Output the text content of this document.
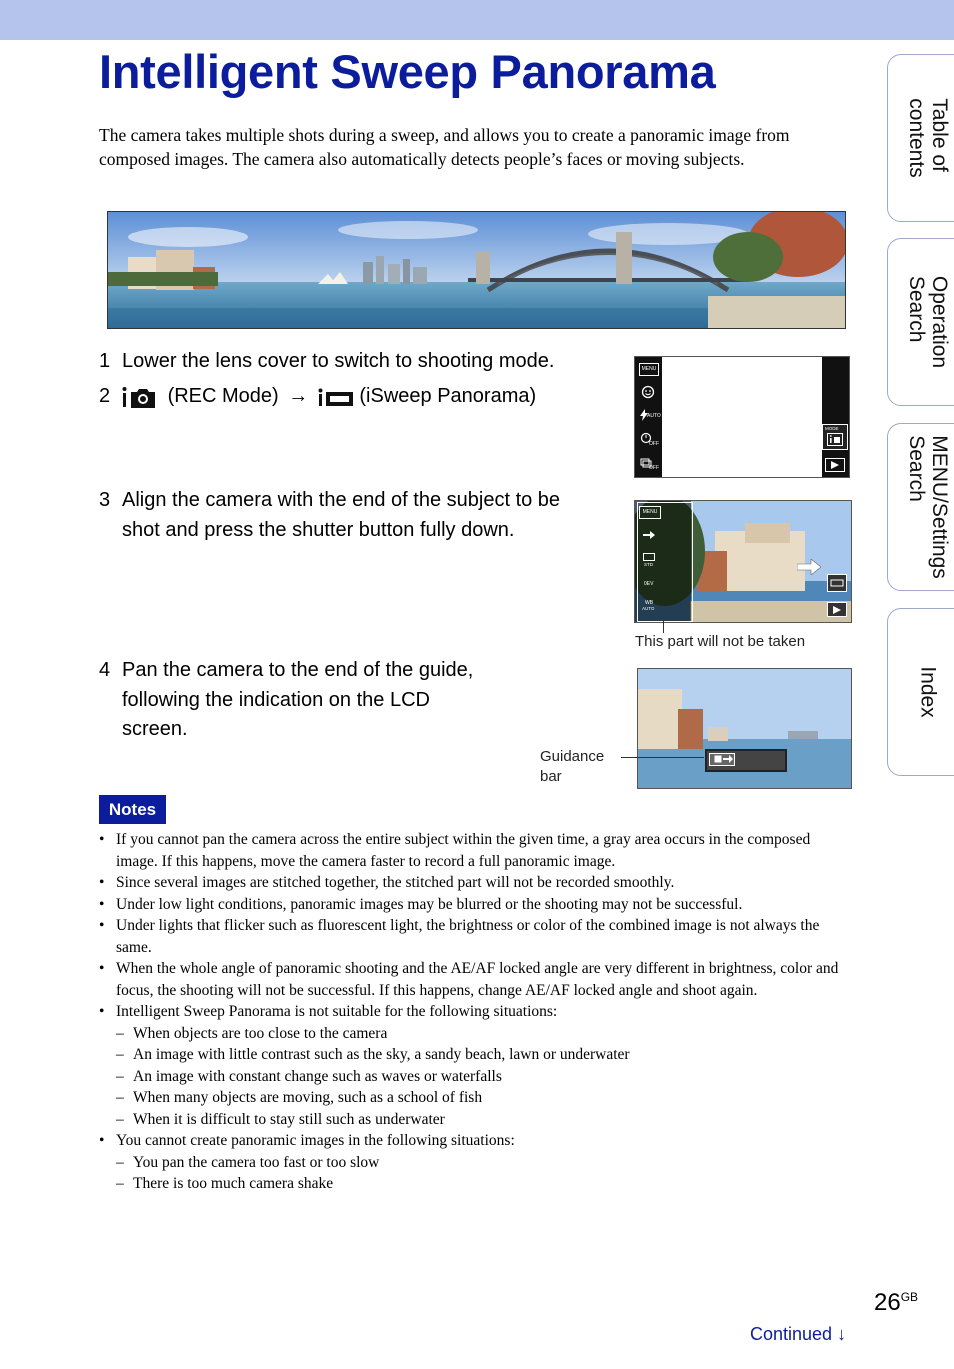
Intelligent Sweep Panorama

The camera takes multiple shots during a sweep, and allows you to create a panoramic image from composed images. The camera also automatically detects people’s faces or moving subjects.

1 Lower the lens cover to switch to shooting mode.
2	(REC Mode) →	(iSweep Panorama)
3 Align the camera with the end of the subject to be
shot and press the shutter button fully down.
4 Pan the camera to the end of the guide,
following the indication on the LCD
screen.
MENU
AUTO
OFF
OFF
MODE
MENU
STD
0EV
WB
AUTO
This part will not be taken
Guidance
bar
Notes
• If you cannot pan the camera across the entire subject within the given time, a gray area occurs in the composed image. If this happens, move the camera faster to record a full panoramic image.
• Since several images are stitched together, the stitched part will not be recorded smoothly.
• Under low light conditions, panoramic images may be blurred or the shooting may not be successful.
• Under lights that flicker such as fluorescent light, the brightness or color of the combined image is not always the same.
• When the whole angle of panoramic shooting and the AE/AF locked angle are very different in brightness, color and focus, the shooting will not be successful. If this happens, change AE/AF locked angle and shoot again.
• Intelligent Sweep Panorama is not suitable for the following situations:
– When objects are too close to the camera
– An image with little contrast such as the sky, a sandy beach, lawn or underwater
– An image with constant change such as waves or waterfalls
– When many objects are moving, such as a school of fish
– When it is difficult to stay still such as underwater
• You cannot create panoramic images in the following situations:
– You pan the camera too fast or too slow
– There is too much camera shake
Table of
contents
Operation
Search
MENU/Settings
Search
Index
$26^{GB}$
Continued ↓
